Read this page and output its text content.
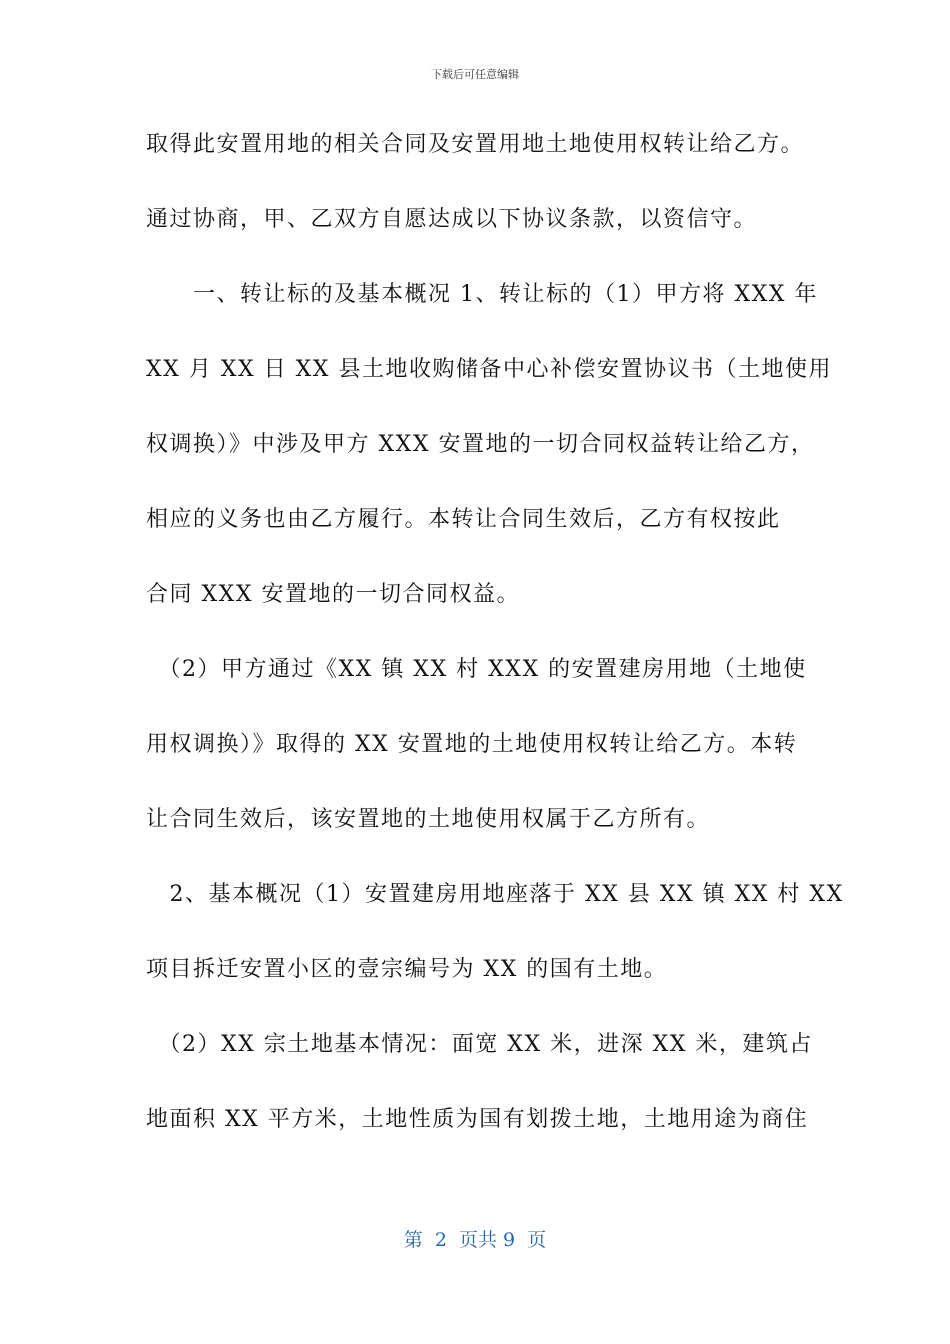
下载后可任意编辑
取得此安置用地的相关合同及安置用地土地使用权转让给乙方。
通过协商，甲、乙双方自愿达成以下协议条款，以资信守。
　　一、转让标的及基本概况 1、转让标的（1）甲方将 XXX 年
XX 月 XX 日 XX 县土地收购储备中心补偿安置协议书（土地使用
权调换）》中涉及甲方 XXX 安置地的一切合同权益转让给乙方，
相应的义务也由乙方履行。本转让合同生效后，乙方有权按此
合同 XXX 安置地的一切合同权益。
　（2）甲方通过《XX 镇 XX 村 XXX 的安置建房用地（土地使
用权调换）》取得的 XX 安置地的土地使用权转让给乙方。本转
让合同生效后，该安置地的土地使用权属于乙方所有。
　2、基本概况（1）安置建房用地座落于 XX 县 XX 镇 XX 村 XX
项目拆迁安置小区的壹宗编号为 XX 的国有土地。
　（2）XX 宗土地基本情况：面宽 XX 米，进深 XX 米，建筑占
地面积 XX 平方米，土地性质为国有划拨土地，土地用途为商住
第  2  页共 9  页
